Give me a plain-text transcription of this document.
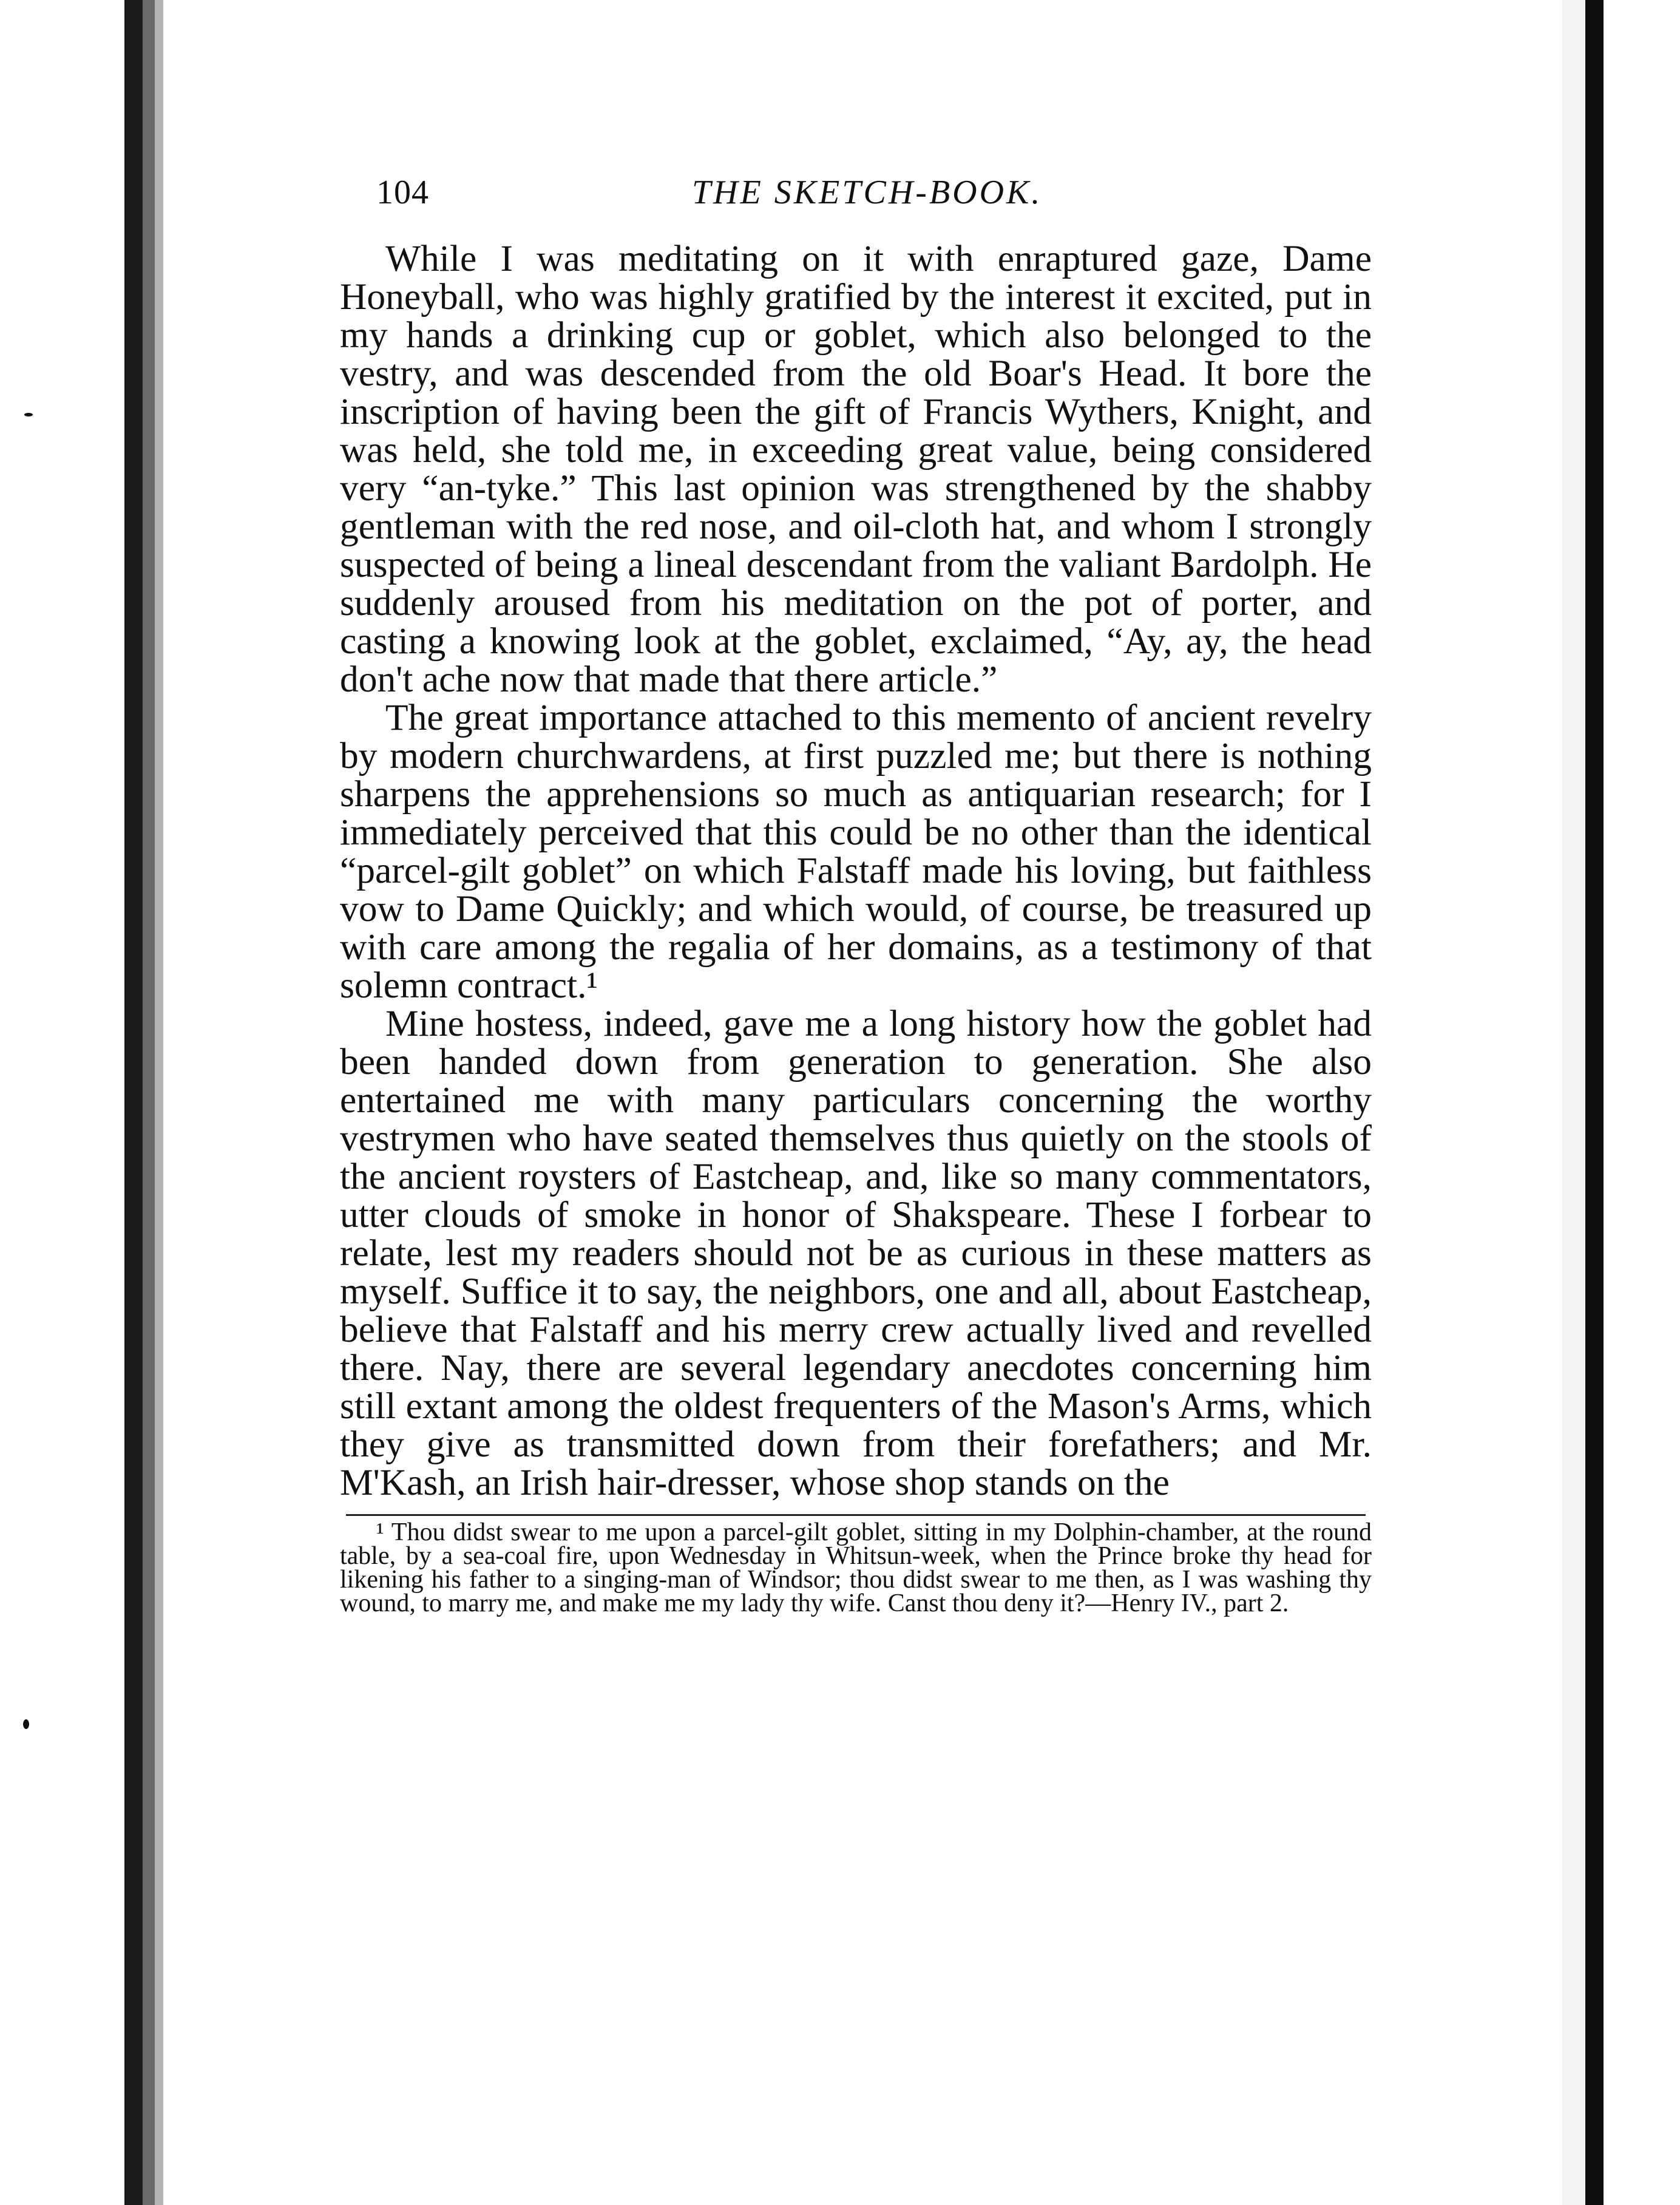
104	THE SKETCH-BOOK.

While I was meditating on it with enraptured gaze, Dame Honeyball, who was highly gratified by the interest it excited, put in my hands a drinking cup or goblet, which also belonged to the vestry, and was descended from the old Boar's Head. It bore the inscription of having been the gift of Francis Wythers, Knight, and was held, she told me, in exceeding great value, being considered very “an-tyke.” This last opinion was strengthened by the shabby gentleman with the red nose, and oil-cloth hat, and whom I strongly suspected of being a lineal descendant from the valiant Bardolph. He suddenly aroused from his meditation on the pot of porter, and casting a knowing look at the goblet, exclaimed, “Ay, ay, the head don't ache now that made that there article.”

The great importance attached to this memento of ancient revelry by modern churchwardens, at first puzzled me; but there is nothing sharpens the apprehensions so much as antiquarian research; for I immediately perceived that this could be no other than the identical “parcel-gilt goblet” on which Falstaff made his loving, but faithless vow to Dame Quickly; and which would, of course, be treasured up with care among the regalia of her domains, as a testimony of that solemn contract.¹

Mine hostess, indeed, gave me a long history how the goblet had been handed down from generation to generation. She also entertained me with many particulars concerning the worthy vestrymen who have seated themselves thus quietly on the stools of the ancient roysters of Eastcheap, and, like so many commentators, utter clouds of smoke in honor of Shakspeare. These I forbear to relate, lest my readers should not be as curious in these matters as myself. Suffice it to say, the neighbors, one and all, about Eastcheap, believe that Falstaff and his merry crew actually lived and revelled there. Nay, there are several legendary anecdotes concerning him still extant among the oldest frequenters of the Mason's Arms, which they give as transmitted down from their forefathers; and Mr. M'Kash, an Irish hair-dresser, whose shop stands on the

¹ Thou didst swear to me upon a parcel-gilt goblet, sitting in my Dolphin-chamber, at the round table, by a sea-coal fire, upon Wednesday in Whitsun-week, when the Prince broke thy head for likening his father to a singing-man of Windsor; thou didst swear to me then, as I was washing thy wound, to marry me, and make me my lady thy wife. Canst thou deny it?—Henry IV., part 2.
